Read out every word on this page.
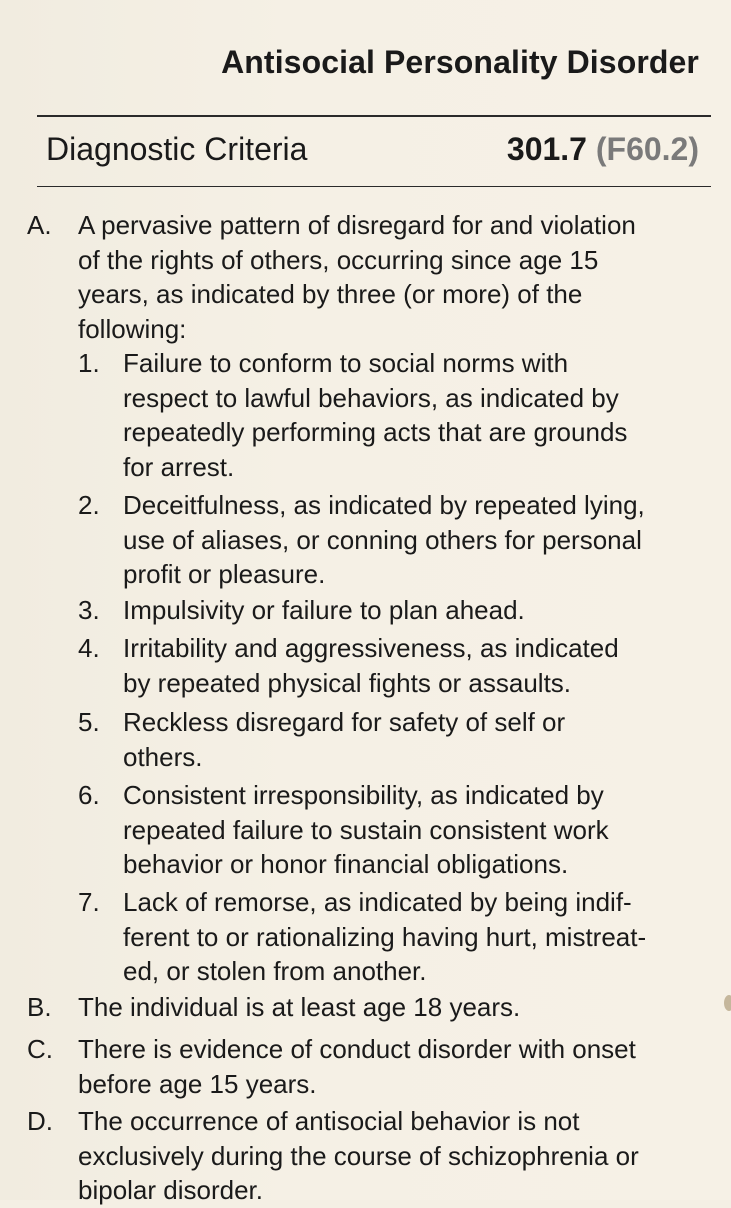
Antisocial Personality Disorder
Diagnostic Criteria	301.7 (F60.2)
A. A pervasive pattern of disregard for and violation
of the rights of others, occurring since age 15
years, as indicated by three (or more) of the
following:
1. Failure to conform to social norms with
respect to lawful behaviors, as indicated by
repeatedly performing acts that are grounds
for arrest.
2. Deceitfulness, as indicated by repeated lying,
use of aliases, or conning others for personal
profit or pleasure.
3. Impulsivity or failure to plan ahead.
4. Irritability and aggressiveness, as indicated
by repeated physical fights or assaults.
5. Reckless disregard for safety of self or
others.
6. Consistent irresponsibility, as indicated by
repeated failure to sustain consistent work
behavior or honor financial obligations.
7. Lack of remorse, as indicated by being indif-
ferent to or rationalizing having hurt, mistreat-
ed, or stolen from another.
B. The individual is at least age 18 years.
C. There is evidence of conduct disorder with onset
before age 15 years.
D. The occurrence of antisocial behavior is not
exclusively during the course of schizophrenia or
bipolar disorder.
